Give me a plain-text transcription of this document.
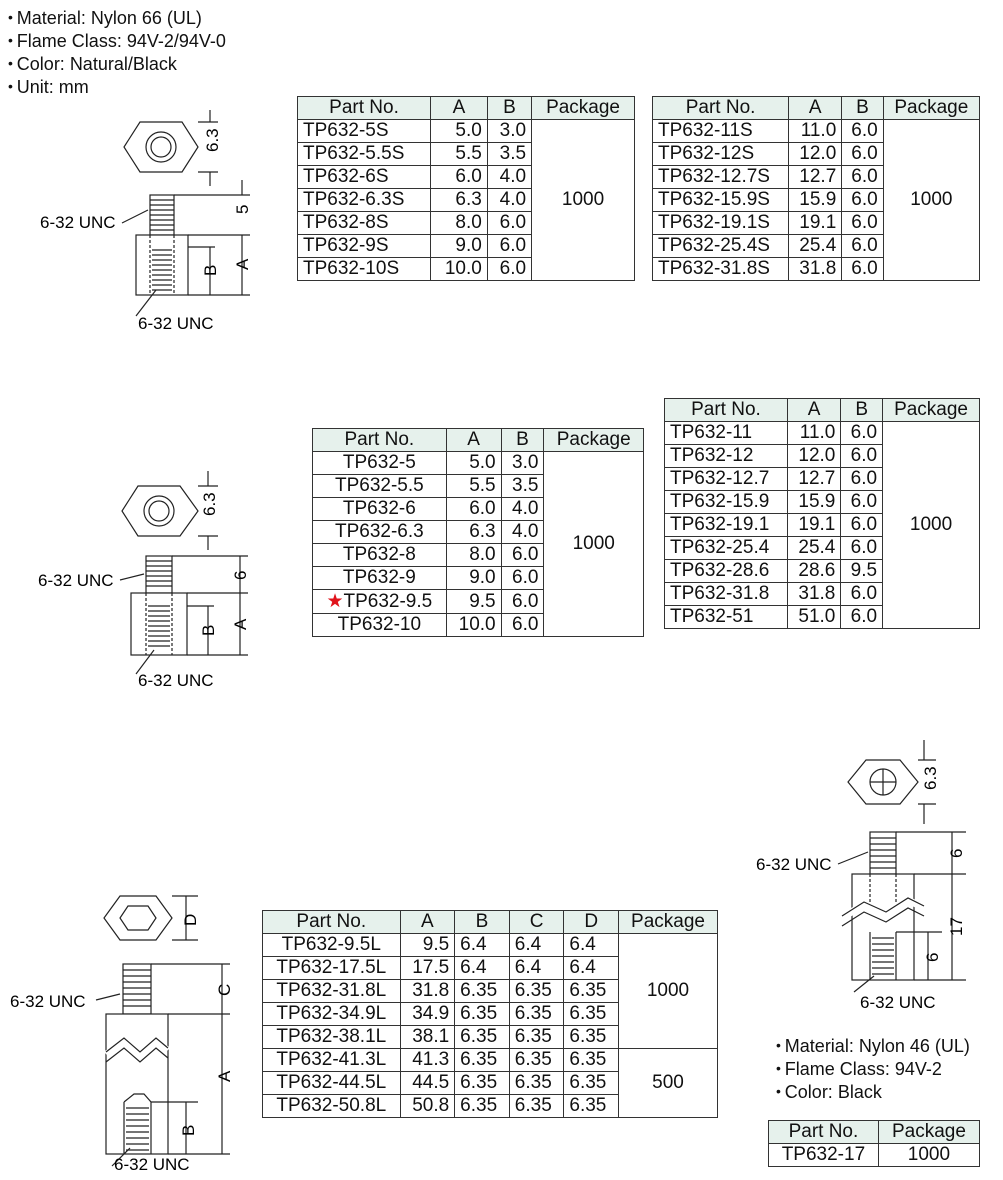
• Material: Nylon 66 (UL)
• Flame Class: 94V-2/94V-0
• Color: Natural/Black
• Unit: mm
6.3
5
A
B
6-32 UNC
6-32 UNC
Part No.	A	B	Package
TP632-5S	5.0	3.0	1000
TP632-5.5S	5.5	3.5	
TP632-6S	6.0	4.0	
TP632-6.3S	6.3	4.0	
TP632-8S	8.0	6.0	
TP632-9S	9.0	6.0	
TP632-10S	10.0	6.0	
Part No.	A	B	Package
TP632-11S	11.0	6.0	1000
TP632-12S	12.0	6.0	
TP632-12.7S	12.7	6.0	
TP632-15.9S	15.9	6.0	
TP632-19.1S	19.1	6.0	
TP632-25.4S	25.4	6.0	
TP632-31.8S	31.8	6.0	
6.3
6
A
B
6-32 UNC
6-32 UNC
Part No.	A	B	Package
TP632-5	5.0	3.0	1000
TP632-5.5	5.5	3.5	
TP632-6	6.0	4.0	
TP632-6.3	6.3	4.0	
TP632-8	8.0	6.0	
TP632-9	9.0	6.0	
★TP632-9.5	9.5	6.0	
TP632-10	10.0	6.0	
Part No.	A	B	Package
TP632-11	11.0	6.0	1000
TP632-12	12.0	6.0	
TP632-12.7	12.7	6.0	
TP632-15.9	15.9	6.0	
TP632-19.1	19.1	6.0	
TP632-25.4	25.4	6.0	
TP632-28.6	28.6	9.5	
TP632-31.8	31.8	6.0	
TP632-51	51.0	6.0	
D
C
A
B
6-32 UNC
6-32 UNC
Part No.	A	B	C	D	Package
TP632-9.5L	9.5	6.4	6.4	6.4	1000
TP632-17.5L	17.5	6.4	6.4	6.4	
TP632-31.8L	31.8	6.35	6.35	6.35	
TP632-34.9L	34.9	6.35	6.35	6.35	
TP632-38.1L	38.1	6.35	6.35	6.35	
TP632-41.3L	41.3	6.35	6.35	6.35	500
TP632-44.5L	44.5	6.35	6.35	6.35	
TP632-50.8L	50.8	6.35	6.35	6.35	
6.3
6
17
6
6-32 UNC
6-32 UNC
• Material: Nylon 46 (UL)
• Flame Class: 94V-2
• Color: Black
Part No.	Package
TP632-17	1000
